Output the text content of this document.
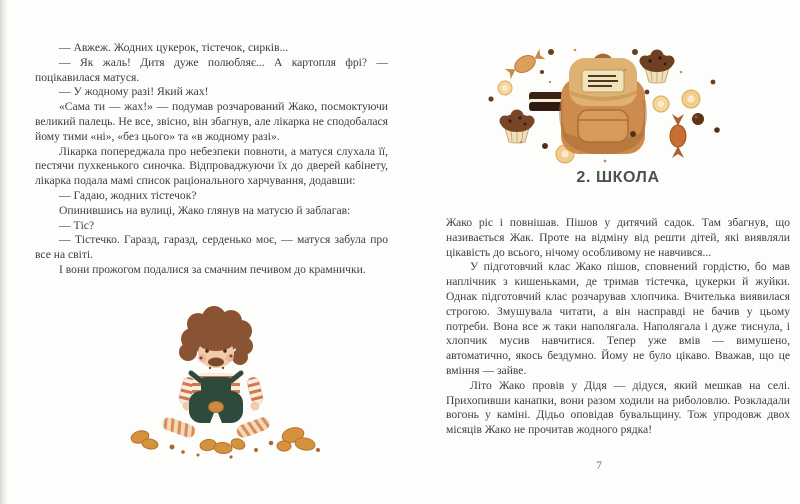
— Авжеж. Жодних цукерок, тістечок, сирків...

— Як жаль! Дитя дуже полюбляє... А картопля фрі? — поцікавилася матуся.

— У жодному разі! Який жах!

«Сама ти — жах!» — подумав розчарований Жако, посмоктуючи великий палець. Не все, звісно, він збагнув, але лікарка не сподобалася йому тими «ні», «без цього» та «в жодному разі».

Лікарка попереджала про небезпеки повноти, а матуся слухала її, пестячи пухкенького синочка. Відпроваджуючи їх до дверей кабінету, лікарка подала мамі список раціонального харчування, додавши:

— Гадаю, жодних тістечок?

Опинившись на вулиці, Жако глянув на матусю й заблагав:

— Тіс?

— Тістечко. Гаразд, гаразд, серденько моє, — матуся забула про все на світі.

І вони прожогом подалися за смачним печивом до крамнички.

2. ШКОЛА

Жако ріс і повнішав. Пішов у дитячий садок. Там збагнув, що називається Жак. Проте на відміну від решти дітей, які виявляли цікавість до всього, нічому особливому не навчився...

У підготовчий клас Жако пішов, сповнений гордістю, бо мав наплічник з кишеньками, де тримав тістечка, цукерки й жуйки. Однак підготовчий клас розчарував хлопчика. Вчителька виявилася строгою. Змушувала читати, а він насправді не бачив у цьому потреби. Вона все ж таки наполягала. Наполягала і дуже тиснула, і хлопчик мусив навчитися. Тепер уже вмів — вимушено, автоматично, якось бездумно. Йому не було цікаво. Вважав, що це вміння — зайве.

Літо Жако провів у Дідя — дідуся, який мешкав на селі. Прихопивши канапки, вони разом ходили на риболовлю. Розкладали вогонь у каміні. Дідьо оповідав бувальщину. Тож упродовж двох місяців Жако не прочитав жодного рядка!

7
